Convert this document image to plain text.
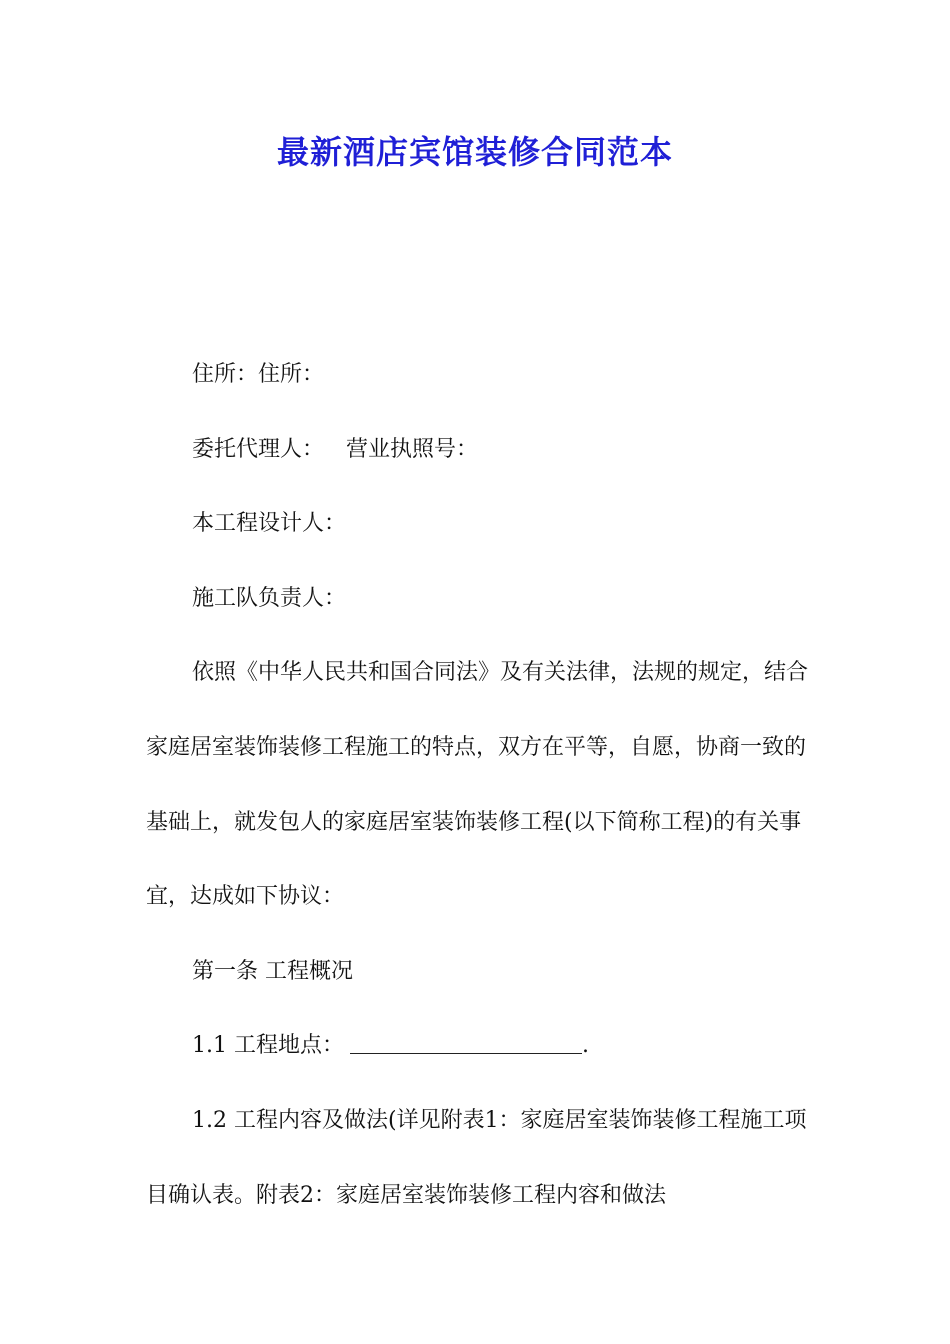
最新酒店宾馆装修合同范本

住所：住所：

委托代理人： 营业执照号：

本工程设计人：

施工队负责人：

依照《中华人民共和国合同法》及有关法律，法规的规定，结合家庭居室装饰装修工程施工的特点，双方在平等，自愿，协商一致的基础上，就发包人的家庭居室装饰装修工程(以下简称工程)的有关事宜，达成如下协议：

第一条 工程概况

1.1 工程地点：	.

1.2 工程内容及做法(详见附表1：家庭居室装饰装修工程施工项目确认表。附表2：家庭居室装饰装修工程内容和做法
